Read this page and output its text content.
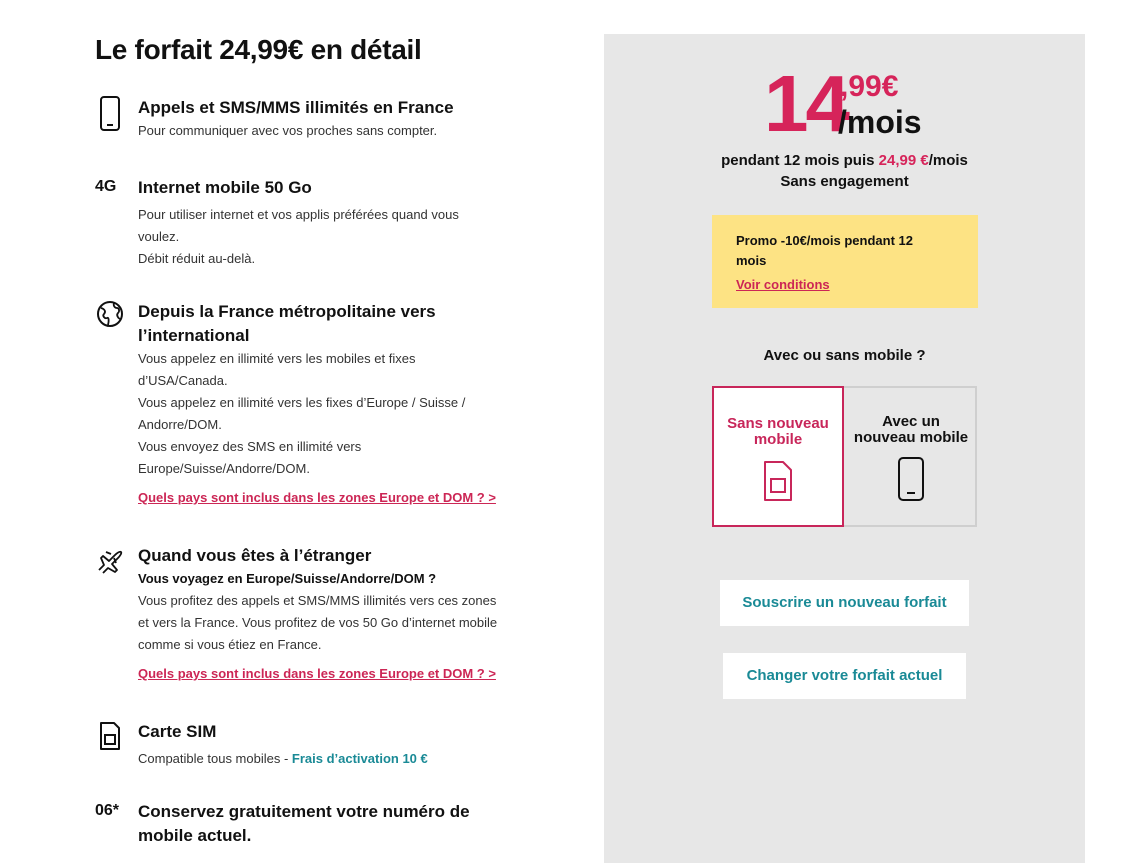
Le forfait 24,99€ en détail
Appels et SMS/MMS illimités en France

Pour communiquer avec vos proches sans compter.

4G Internet mobile 50 Go

Pour utiliser internet et vos applis préférées quand vous

voulez.

Débit réduit au-delà.

Depuis la France métropolitaine vers
l’international

Vous appelez en illimité vers les mobiles et fixes

d’USA/Canada.

Vous appelez en illimité vers les fixes d’Europe / Suisse /

Andorre/DOM.

Vous envoyez des SMS en illimité vers

Europe/Suisse/Andorre/DOM.

Quels pays sont inclus dans les zones Europe et DOM ? >
Quand vous êtes à l’étranger

Vous voyagez en Europe/Suisse/Andorre/DOM ?

Vous profitez des appels et SMS/MMS illimités vers ces zones

et vers la France. Vous profitez de vos 50 Go d’internet mobile

comme si vous étiez en France.

Quels pays sont inclus dans les zones Europe et DOM ? >
Carte SIM

Compatible tous mobiles - Frais d’activation 10 €

06* Conservez gratuitement votre numéro de
mobile actuel.
14
,99€
/mois
pendant 12 mois puis 24,99 €/mois
Sans engagement
Promo -10€/mois pendant 12
mois
Voir conditions
Avec ou sans mobile ?
Sans nouveau
mobile
Avec un
nouveau mobile
Souscrire un nouveau forfait
Changer votre forfait actuel
